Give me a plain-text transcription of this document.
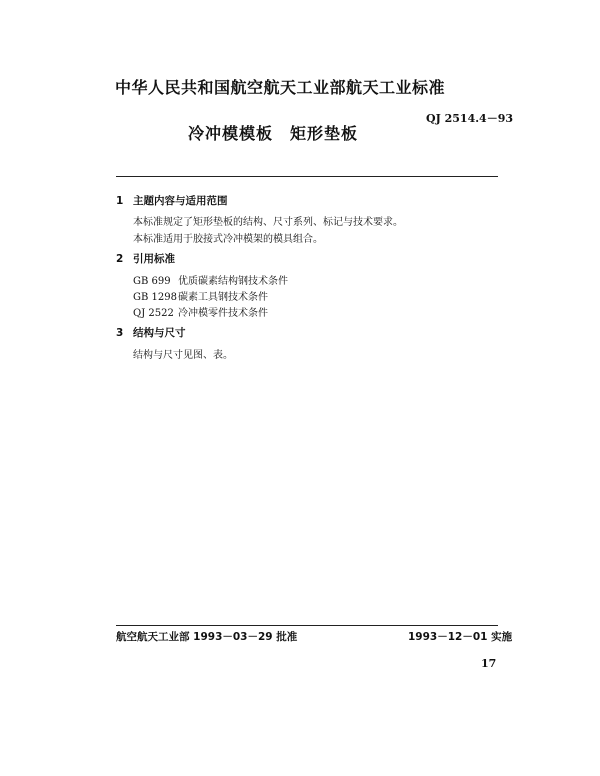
中华人民共和国航空航天工业部航天工业标准
QJ 2514.4－93
冷冲模模板　矩形垫板
1 主题内容与适用范围
本标准规定了矩形垫板的结构、尺寸系列、标记与技术要求。
本标准适用于胶接式冷冲模架的模具组合。
2 引用标准
GB 699 优质碳素结构钢技术条件
GB 1298碳素工具钢技术条件
QJ 2522 冷冲模零件技术条件
3 结构与尺寸
结构与尺寸见图、表。
航空航天工业部 1993－03－29 批准	1993－12－01 实施
17
